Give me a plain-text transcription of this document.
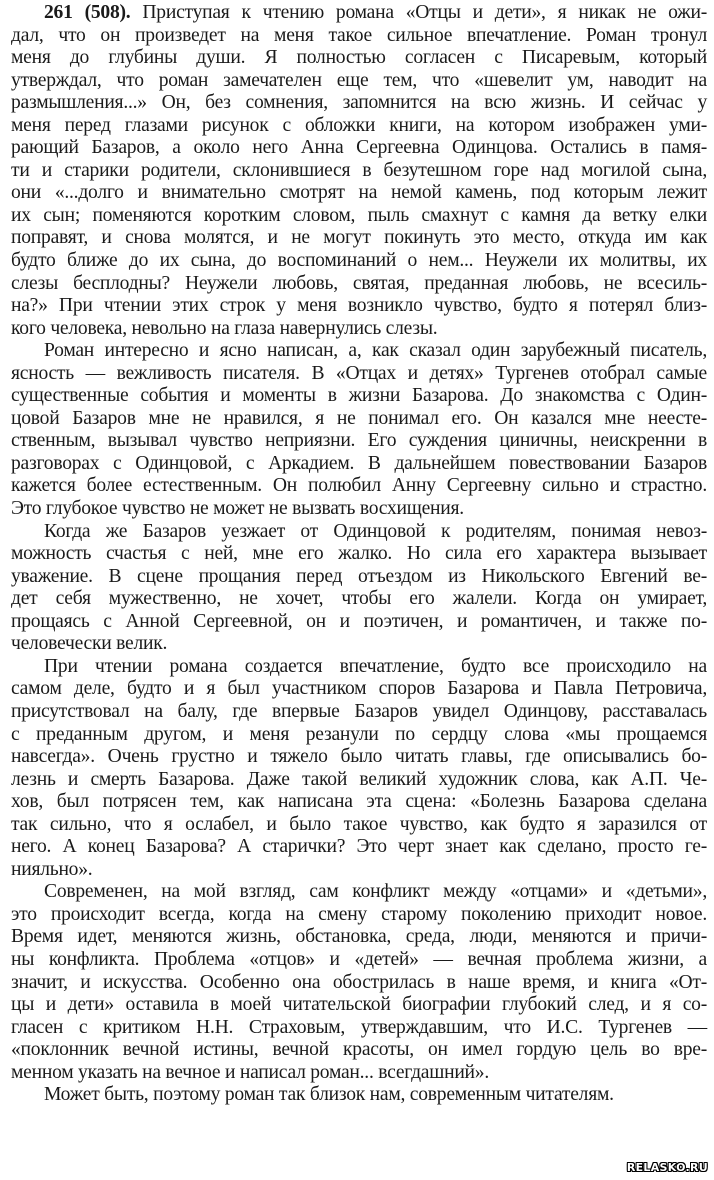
261 (508). Приступая к чтению романа «Отцы и дети», я никак не ожи-
дал, что он произведет на меня такое сильное впечатление. Роман тронул
меня до глубины души. Я полностью согласен с Писаревым, который
утверждал, что роман замечателен еще тем, что «шевелит ум, наводит на
размышления...» Он, без сомнения, запомнится на всю жизнь. И сейчас у
меня перед глазами рисунок с обложки книги, на котором изображен уми-
рающий Базаров, а около него Анна Сергеевна Одинцова. Остались в памя-
ти и старики родители, склонившиеся в безутешном горе над могилой сына,
они «...долго и внимательно смотрят на немой камень, под которым лежит
их сын; поменяются коротким словом, пыль смахнут с камня да ветку елки
поправят, и снова молятся, и не могут покинуть это место, откуда им как
будто ближе до их сына, до воспоминаний о нем... Неужели их молитвы, их
слезы бесплодны? Неужели любовь, святая, преданная любовь, не всесиль-
на?» При чтении этих строк у меня возникло чувство, будто я потерял близ-
кого человека, невольно на глаза навернулись слезы.
Роман интересно и ясно написан, а, как сказал один зарубежный писатель,
ясность — вежливость писателя. В «Отцах и детях» Тургенев отобрал самые
существенные события и моменты в жизни Базарова. До знакомства с Один-
цовой Базаров мне не нравился, я не понимал его. Он казался мне неесте-
ственным, вызывал чувство неприязни. Его суждения циничны, неискренни в
разговорах с Одинцовой, с Аркадием. В дальнейшем повествовании Базаров
кажется более естественным. Он полюбил Анну Сергеевну сильно и страстно.
Это глубокое чувство не может не вызвать восхищения.
Когда же Базаров уезжает от Одинцовой к родителям, понимая невоз-
можность счастья с ней, мне его жалко. Но сила его характера вызывает
уважение. В сцене прощания перед отъездом из Никольского Евгений ве-
дет себя мужественно, не хочет, чтобы его жалели. Когда он умирает,
прощаясь с Анной Сергеевной, он и поэтичен, и романтичен, и также по-
человечески велик.
При чтении романа создается впечатление, будто все происходило на
самом деле, будто и я был участником споров Базарова и Павла Петровича,
присутствовал на балу, где впервые Базаров увидел Одинцову, расставалась
с преданным другом, и меня резанули по сердцу слова «мы прощаемся
навсегда». Очень грустно и тяжело было читать главы, где описывались бо-
лезнь и смерть Базарова. Даже такой великий художник слова, как А.П. Че-
хов, был потрясен тем, как написана эта сцена: «Болезнь Базарова сделана
так сильно, что я ослабел, и было такое чувство, как будто я заразился от
него. А конец Базарова? А старички? Это черт знает как сделано, просто ге-
нияльно».
Современен, на мой взгляд, сам конфликт между «отцами» и «детьми»,
это происходит всегда, когда на смену старому поколению приходит новое.
Время идет, меняются жизнь, обстановка, среда, люди, меняются и причи-
ны конфликта. Проблема «отцов» и «детей» — вечная проблема жизни, а
значит, и искусства. Особенно она обострилась в наше время, и книга «От-
цы и дети» оставила в моей читательской биографии глубокий след, и я со-
гласен с критиком Н.Н. Страховым, утверждавшим, что И.С. Тургенев —
«поклонник вечной истины, вечной красоты, он имел гордую цель во вре-
менном указать на вечное и написал роман... всегдашний».
Может быть, поэтому роман так близок нам, современным читателям.
RELASKO.RU
